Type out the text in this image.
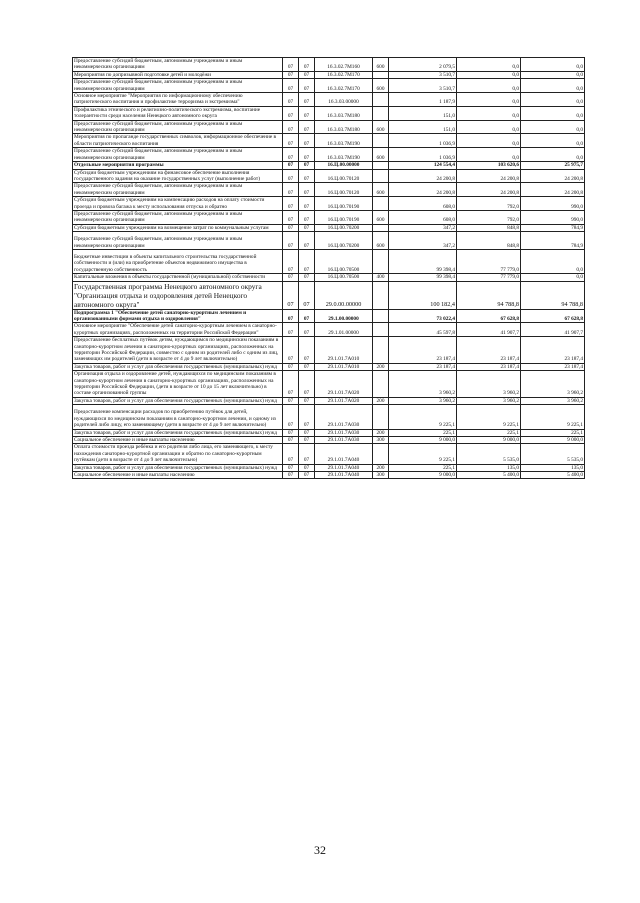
Предоставление субсидий бюджетным, автономным учреждениям и иным некоммерческим организациям	07	07	16.3.02.7M160	600	2 079,5	0,0	0,0
Мероприятия по допризывной подготовке детей и молодёжи	07	07	16.3.02.7M170		3 510,7	0,0	0,0
Предоставление субсидий бюджетным, автономным учреждениям и иным некоммерческим организациям	07	07	16.3.02.7M170	600	3 510,7	0,0	0,0
Основное мероприятие "Мероприятия по информационному обеспечению патриотического воспитания и профилактике терроризма и экстремизма"	07	07	16.3.03.00000		1 187,9	0,0	0,0
Профилактика этнического и религиозно-политического экстремизма, воспитание толерантности среди населения Ненецкого автономного округа	07	07	16.3.03.7M180		151,0	0,0	0,0
Предоставление субсидий бюджетным, автономным учреждениям и иным некоммерческим организациям	07	07	16.3.03.7M180	600	151,0	0,0	0,0
Мероприятия по пропаганде государственных символов, информационное обеспечение в области патриотического воспитания	07	07	16.3.03.7M190		1 036,9	0,0	0,0
Предоставление субсидий бюджетным, автономным учреждениям и иным некоммерческим организациям	07	07	16.3.03.7M190	600	1 036,9	0,0	0,0
Отдельные мероприятия программы	07	07	16.Ц.00.00000		124 554,4	103 620,6	25 975,7
Субсидии бюджетным учреждениям на финансовое обеспечение выполнения государственного задания на оказание государственных услуг (выполнение работ)	07	07	16.Ц.00.70120		24 200,8	24 200,8	24 200,8
Предоставление субсидий бюджетным, автономным учреждениям и иным некоммерческим организациям	07	07	16.Ц.00.70120	600	24 200,8	24 200,8	24 200,8
Субсидии бюджетным учреждениям на компенсацию расходов на оплату стоимости проезда и провоза багажа к месту использования отпуска и обратно	07	07	16.Ц.00.70190		608,0	792,0	990,0
Предоставление субсидий бюджетным, автономным учреждениям и иным некоммерческим организациям	07	07	16.Ц.00.70190	600	608,0	792,0	990,0
Субсидии бюджетным учреждениям на возмещение затрат по коммунальным услугам	07	07	16.Ц.00.70200		347,2	848,8	784,9
Предоставление субсидий бюджетным, автономным учреждениям и иным некоммерческим организациям	07	07	16.Ц.00.70200	600	347,2	848,8	784,9
Бюджетные инвестиции в объекты капитального строительства государственной собственности и (или) на приобретение объектов недвижимого имущества в государственную собственность	07	07	16.Ц.00.70500		99 398,4	77 779,0	0,0
Капитальные вложения в объекты государственной (муниципальной) собственности	07	07	16.Ц.00.70500	400	99 398,4	77 779,0	0,0
Государственная программа Ненецкого автономного округа "Организация отдыха и оздоровления детей Ненецкого автономного округа"	07	07	29.0.00.00000		100 182,4	94 788,8	94 788,8
Подпрограмма 1 "Обеспечение детей санаторно-курортным лечением и организованными формами отдыха и оздоровления"	07	07	29.1.00.00000		73 022,4	67 628,8	67 628,8
Основное мероприятие "Обеспечение детей санаторно-курортным лечением в санаторно-курортных организациях, расположенных на территории Российской Федерации"	07	07	29.1.01.00000		45 597,8	41 907,7	41 907,7
Предоставление бесплатных путёвок детям, нуждающимся по медицинским показаниям в санаторно-курортном лечении в санаторно-курортных организациях, расположенных на территории Российской Федерации, совместно с одним из родителей либо с одним из лиц, заменяющих им родителей (дети в возрасте от 4 до 9 лет включительно)	07	07	29.1.01.7А010		23 187,4	23 187,4	23 187,4
Закупка товаров, работ и услуг для обеспечения государственных (муниципальных) нужд	07	07	29.1.01.7А010	200	23 187,4	23 187,4	23 187,4
Организация отдыха и оздоровление детей, нуждающихся по медицинским показаниям в санаторно-курортном лечении в санаторно-курортных организациях, расположенных на территории Российской Федерации, (дети в возрасте от 10 до 15 лет включительно) в составе организованной группы	07	07	29.1.01.7А020		3 960,2	3 960,2	3 960,2
Закупка товаров, работ и услуг для обеспечения государственных (муниципальных) нужд	07	07	29.1.01.7А020	200	3 960,2	3 960,2	3 960,2
Предоставление компенсации расходов по приобретению путёвок для детей, нуждающихся по медицинским показаниям в санаторно-курортном лечении, и одному из родителей либо лицу, его заменяющему (дети в возрасте от 4 до 9 лет включительно)	07	07	29.1.01.7А030		9 225,1	9 225,1	9 225,1
Закупка товаров, работ и услуг для обеспечения государственных (муниципальных) нужд	07	07	29.1.01.7А030	200	225,1	225,1	225,1
Социальное обеспечение и иные выплаты населению	07	07	29.1.01.7А030	300	9 000,0	9 000,0	9 000,0
Оплата стоимости проезда ребёнка и его родителя либо лица, его заменяющего, к месту нахождения санаторно-курортной организации и обратно по санаторно-курортным путёвкам (дети в возрасте от 4 до 9 лет включительно)	07	07	29.1.01.7А040		9 225,1	5 535,0	5 535,0
Закупка товаров, работ и услуг для обеспечения государственных (муниципальных) нужд	07	07	29.1.01.7А040	200	225,1	135,0	135,0
Социальное обеспечение и иные выплаты населению	07	07	29.1.01.7А040	300	9 000,0	5 400,0	5 400,0
32
